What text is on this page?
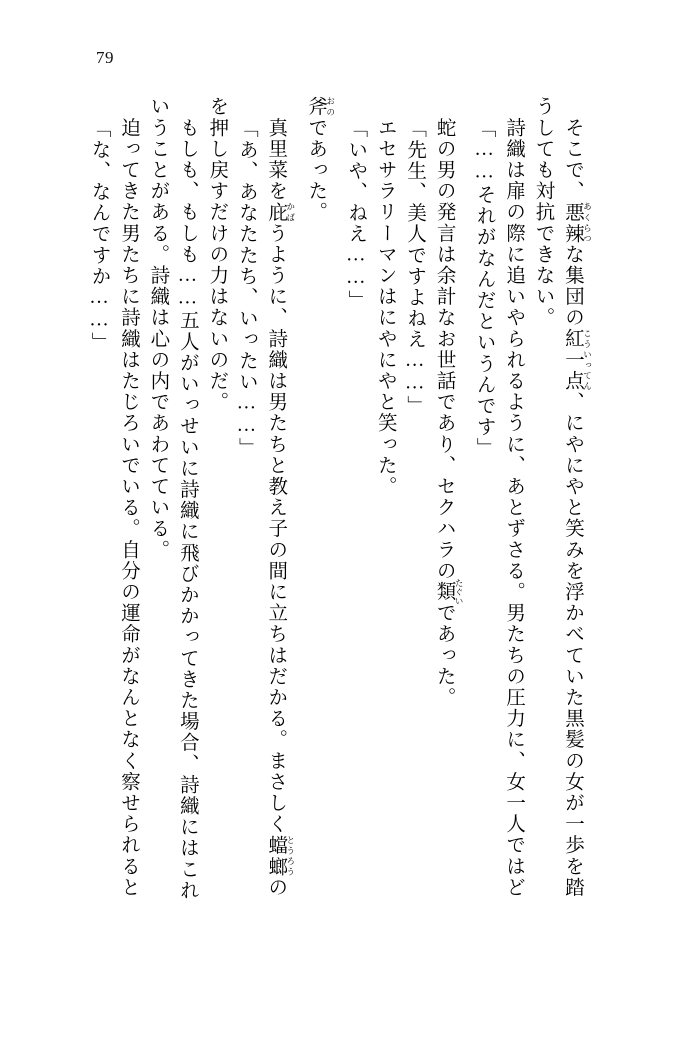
79
「な、なんですか……」 　迫ってきた男たちに詩織はたじろいでいる。自分の運命がなんとなく察せられると いうことがある。詩織は心の内であわてている。 　もしも、もしも……五人がいっせいに詩織に飛びかかってきた場合、詩織にはこれ を押し戻すだけの力はないのだ。 「あ、あなたたち、いったい……」 　真里菜を庇 かばうように、詩織は男たちと教え子の間に立ちはだかる。まさしく蟷螂 とうろうの
斧 おのであった。 「いや、ねえ……」 　エセサラリーマンはにやにやと笑った。 「先生、美人ですよねえ……」 　蛇の男の発言は余計なお世話であり、セクハラの類 たぐいであった。
「……それがなんだというんです」 　詩織は扉の際に追いやられるように、あとずさる。男たちの圧力に、女一人ではど うしても対抗できない。 　そこで、悪辣 あくらつな集団の紅一点 こういってん、にやにやと笑みを浮かべていた黒髪の女が一歩を踏
